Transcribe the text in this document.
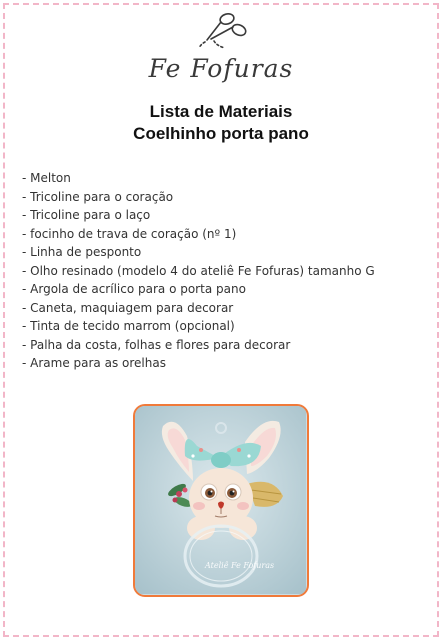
Fe Fofuras
Lista de Materiais
Coelhinho porta pano
- Melton
- Tricoline para o coração
- Tricoline para o laço
- focinho de trava de coração (nº 1)
- Linha de pesponto
- Olho resinado (modelo 4 do ateliê Fe Fofuras) tamanho G
- Argola de acrílico para o porta pano
- Caneta, maquiagem para decorar
- Tinta de tecido marrom (opcional)
- Palha da costa, folhas e flores para decorar
- Arame para as orelhas
Ateliê Fe Fofuras
